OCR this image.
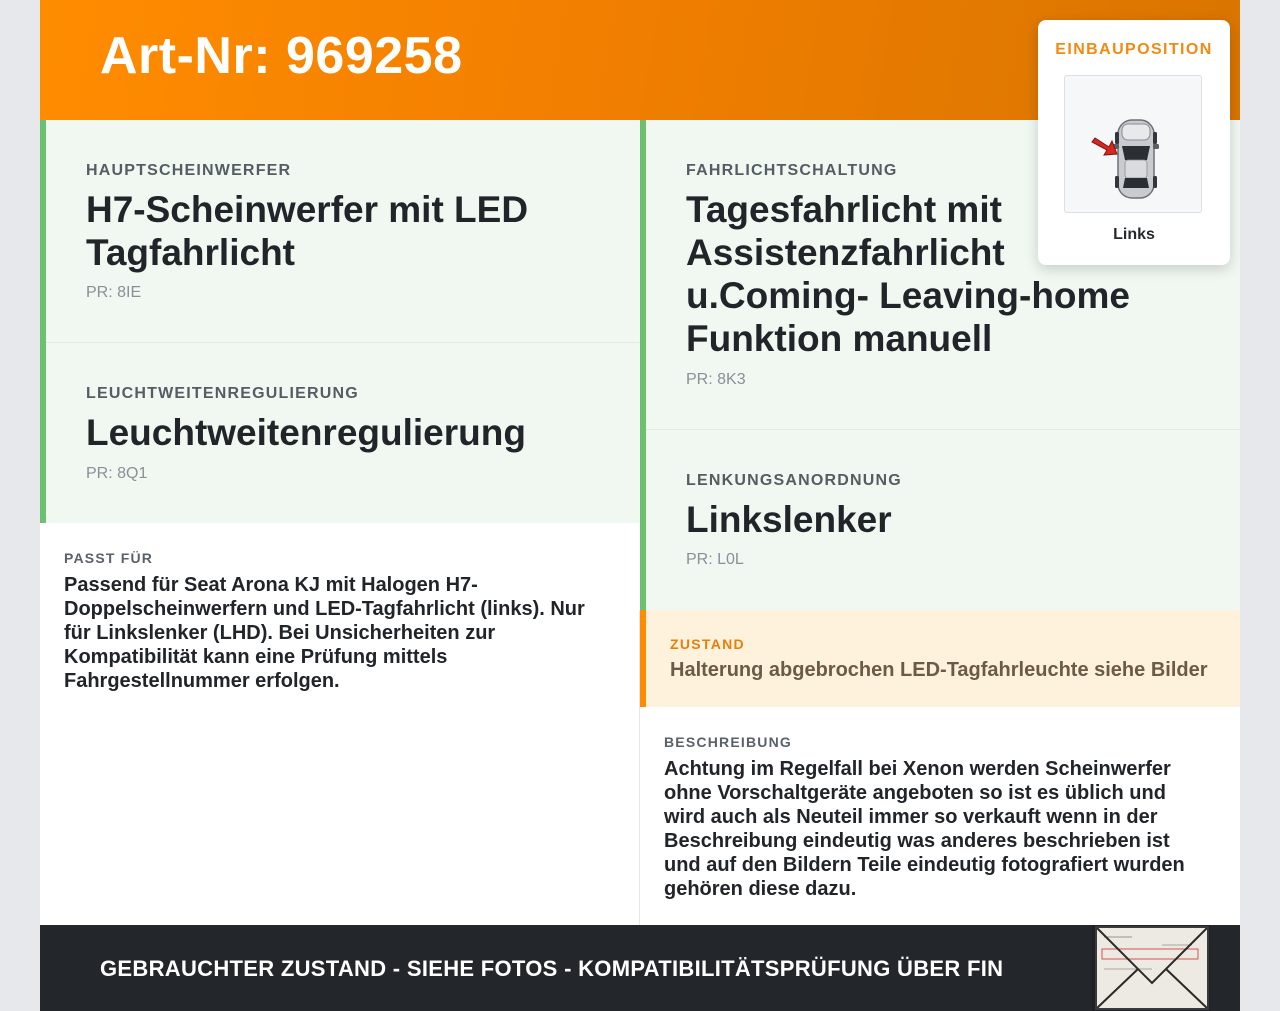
Art-Nr: 969258
HAUPTSCHEINWERFER
H7-Scheinwerfer mit LED Tagfahrlicht
PR: 8IE
LEUCHTWEITENREGULIERUNG
Leuchtweitenregulierung
PR: 8Q1
FAHRLICHTSCHALTUNG
Tagesfahrlicht mit Assistenzfahrlicht u.Coming- Leaving-home Funktion manuell
PR: 8K3
LENKUNGSANORDNUNG
Linkslenker
PR: L0L
PASST FÜR

Passend für Seat Arona KJ mit Halogen H7-Doppelscheinwerfern und LED-Tagfahrlicht (links). Nur für Linkslenker (LHD). Bei Unsicherheiten zur Kompatibilität kann eine Prüfung mittels Fahrgestellnummer erfolgen.

ZUSTAND
Halterung abgebrochen LED-Tagfahrleuchte siehe Bilder
BESCHREIBUNG

Achtung im Regelfall bei Xenon werden Scheinwerfer ohne Vorschaltgeräte angeboten so ist es üblich und wird auch als Neuteil immer so verkauft wenn in der Beschreibung eindeutig was anderes beschrieben ist und auf den Bildern Teile eindeutig fotografiert wurden gehören diese dazu.

GEBRAUCHTER ZUSTAND - SIEHE FOTOS - KOMPATIBILITÄTSPRÜFUNG ÜBER FIN
EINBAUPOSITION
Links
